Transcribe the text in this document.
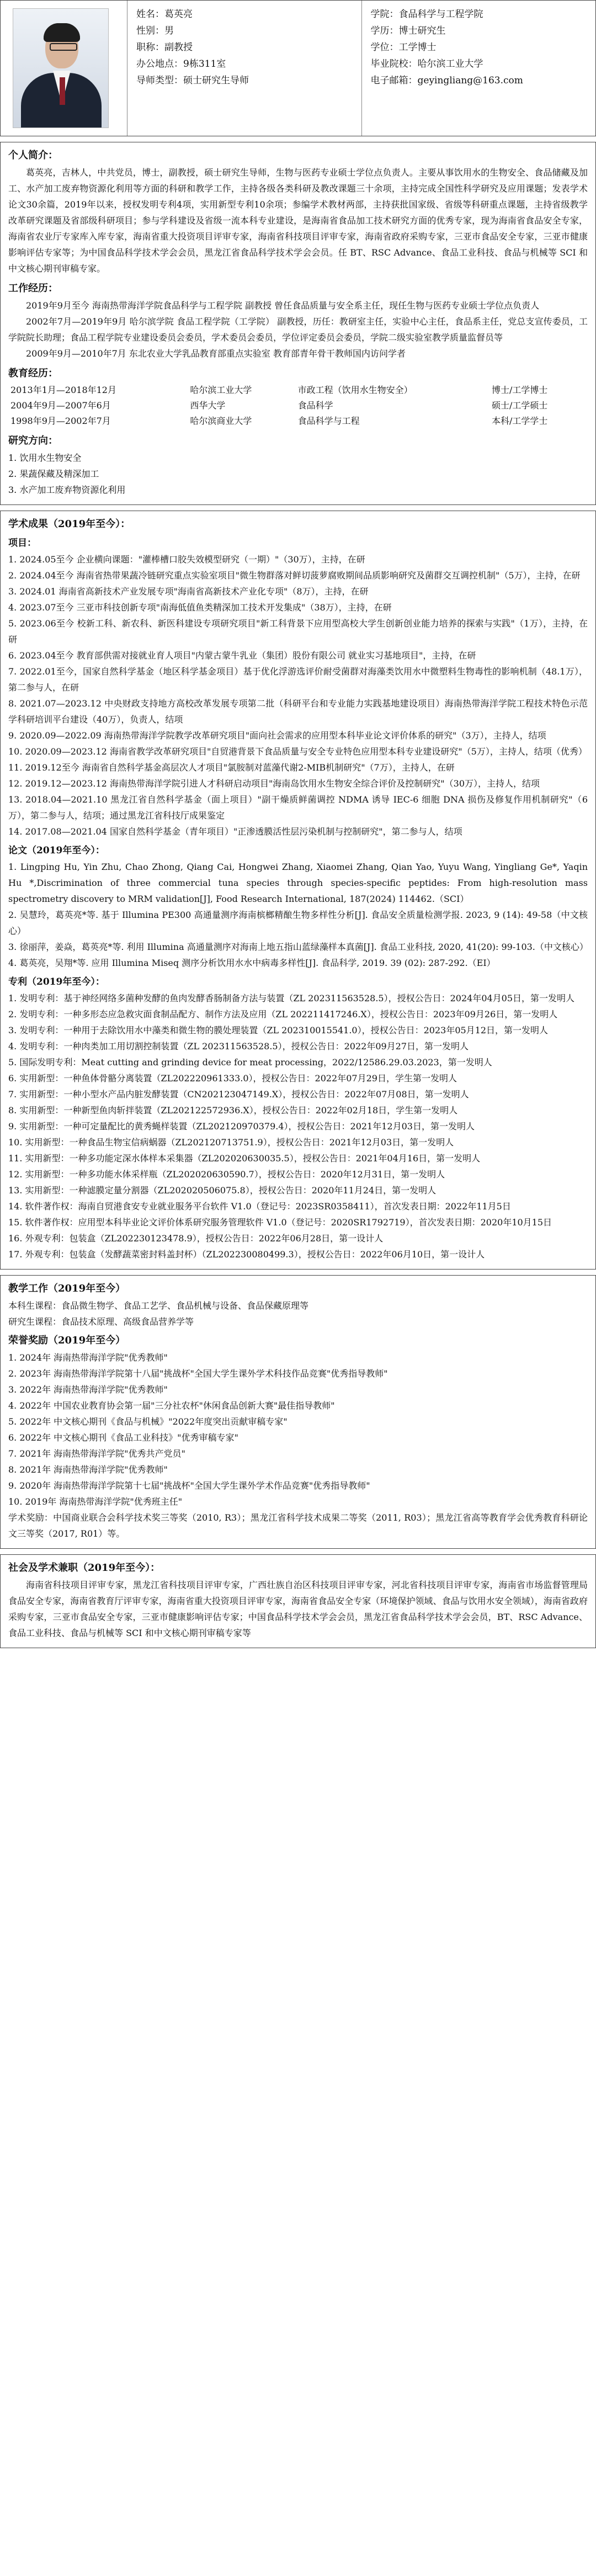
姓名：葛英亮
性别：男
职称：副教授
办公地点：9栋311室
导师类型：硕士研究生导师
学院：食品科学与工程学院
学历：博士研究生
学位：工学博士
毕业院校：哈尔滨工业大学
电子邮箱：geyingliang@163.com
个人简介：
葛英亮，吉林人，中共党员，博士，副教授，硕士研究生导师，生物与医药专业硕士学位点负责人。主要从事饮用水的生物安全、食品储藏及加工、水产加工废弃物资源化利用等方面的科研和教学工作，主持各级各类科研及教改课题三十余项，主持完成全国性科学研究及应用课题；发表学术论文30余篇，2019年以来，授权发明专利4项，实用新型专利10余项；参编学术教材两部，主持获批国家级、省级等科研重点课题，主持省级教学改革研究课题及省部级科研项目；参与学科建设及省级一流本科专业建设，是海南省食品加工技术研究方面的优秀专家，现为海南省食品安全专家，海南省农业厅专家库入库专家，海南省重大投资项目评审专家，海南省科技项目评审专家，海南省政府采购专家，三亚市食品安全专家，三亚市健康影响评估专家等；为中国食品科学技术学会会员，黑龙江省食品科学技术学会会员。任 BT、RSC Advance、食品工业科技、食品与机械等 SCI 和中文核心期刊审稿专家。
工作经历：
2019年9月至今 海南热带海洋学院食品科学与工程学院 副教授 曾任食品质量与安全系主任，现任生物与医药专业硕士学位点负责人
2002年7月—2019年9月 哈尔滨学院 食品工程学院（工学院） 副教授，历任：教研室主任，实验中心主任，食品系主任，党总支宣传委员，工学院院长助理；食品工程学院专业建设委员会委员，学术委员会委员，学位评定委员会委员，学院二级实验室教学质量监督员等
2009年9月—2010年7月 东北农业大学乳品教育部重点实验室 教育部青年骨干教师国内访问学者
教育经历：
2013年1月—2018年12月	哈尔滨工业大学	市政工程（饮用水生物安全）	博士/工学博士
2004年9月—2007年6月	西华大学	食品科学	硕士/工学硕士
1998年9月—2002年7月	哈尔滨商业大学	食品科学与工程	本科/工学学士
研究方向：
1. 饮用水生物安全
2. 果蔬保藏及精深加工
3. 水产加工废弃物资源化利用
学术成果（2019年至今）：
项目：
1. 2024.05至今 企业横向课题："灌棒槽口胶失效模型研究（一期）"（30万），主持，在研
2. 2024.04至今 海南省热带果蔬冷链研究重点实验室项目"微生物群落对鲜切菠萝腐败期间品质影响研究及菌群交互调控机制"（5万），主持，在研
3. 2024.01 海南省高新技术产业发展专项"海南省高新技术产业化专项"（8万），主持，在研
4. 2023.07至今 三亚市科技创新专项"南海低值鱼类精深加工技术开发集成"（38万），主持，在研
5. 2023.06至今 校新工科、新农科、新医科建设专项研究项目"新工科背景下应用型高校大学生创新创业能力培养的探索与实践"（1万），主持，在研
6. 2023.04至今 教育部供需对接就业育人项目"内蒙古蒙牛乳业（集团）股份有限公司 就业实习基地项目"，主持，在研
7. 2022.01至今，国家自然科学基金（地区科学基金项目）基于优化浮游选评价耐受菌群对海藻类饮用水中微塑料生物毒性的影响机制（48.1万），第二参与人，在研
8. 2021.07—2023.12 中央财政支持地方高校改革发展专项第二批（科研平台和专业能力实践基地建设项目）海南热带海洋学院工程技术特色示范学科研培训平台建设（40万），负责人，结项
9. 2020.09—2022.09 海南热带海洋学院教学改革研究项目"面向社会需求的应用型本科毕业论文评价体系的研究"（3万），主持人，结项
10. 2020.09—2023.12 海南省教学改革研究项目"自贸港背景下食品质量与安全专业特色应用型本科专业建设研究"（5万），主持人，结项（优秀）
11. 2019.12至今 海南省自然科学基金高层次人才项目"氯胺制对蓝藻代谢2-MIB机制研究"（7万），主持人，在研
12. 2019.12—2023.12 海南热带海洋学院引进人才科研启动项目"海南岛饮用水生物安全综合评价及控制研究"（30万），主持人，结项
13. 2018.04—2021.10 黑龙江省自然科学基金（面上项目）"副干燥质鲜菌调控 NDMA 诱导 IEC-6 细胞 DNA 损伤及修复作用机制研究"（6万），第二参与人，结项；通过黑龙江省科技厅成果鉴定
14. 2017.08—2021.04 国家自然科学基金（青年项目）"正渗透膜活性层污染机制与控制研究"，第二参与人，结项
论文（2019年至今）：
1. Lingping Hu, Yin Zhu, Chao Zhong, Qiang Cai, Hongwei Zhang, Xiaomei Zhang, Qian Yao, Yuyu Wang, Yingliang Ge*, Yaqin Hu *,Discrimination of three commercial tuna species through species-specific peptides: From high-resolution mass spectrometry discovery to MRM validation[J], Food Research International, 187(2024) 114462.（SCI）
2. 吴慧玲，葛英亮*等. 基于 Illumina PE300 高通量测序海南槟榔精酿生物多样性分析[J]. 食品安全质量检测学报. 2023, 9 (14): 49-58（中文核心）
3. 徐丽萍，姜焱，葛英亮*等. 利用 Illumina 高通量测序对海南上地五指山蓝绿藻样本真菌[J]. 食品工业科技, 2020, 41(20): 99-103.（中文核心）
4. 葛英亮，吴翔*等. 应用 Illumina Miseq 测序分析饮用水水中病毒多样性[J]. 食品科学, 2019. 39 (02): 287-292.（EI）
专利（2019年至今）：
1. 发明专利：基于神经网络多菌种发酵的鱼肉发酵香肠制备方法与装置（ZL 202311563528.5），授权公告日：2024年04月05日，第一发明人
2. 发明专利：一种多形态应急救灾面食制品配方、制作方法及应用（ZL 202211417246.X），授权公告日：2023年09月26日，第一发明人
3. 发明专利：一种用于去除饮用水中藻类和微生物的膜处理装置（ZL 202310015541.0），授权公告日：2023年05月12日，第一发明人
4. 发明专利：一种肉类加工用切割控制装置（ZL 202311563528.5），授权公告日：2022年09月27日，第一发明人
5. 国际发明专利：Meat cutting and grinding device for meat processing，2022/12586.29.03.2023，第一发明人
6. 实用新型：一种鱼体骨骼分离装置（ZL202220961333.0），授权公告日：2022年07月29日，学生第一发明人
7. 实用新型：一种小型水产品内脏发酵装置（CN202123047149.X），授权公告日：2022年07月08日，第一发明人
8. 实用新型：一种新型鱼肉斩拌装置（ZL202122572936.X），授权公告日：2022年02月18日，学生第一发明人
9. 实用新型：一种可定量配比的黄秀蝇样装置（ZL202120970379.4），授权公告日：2021年12月03日，第一发明人
10. 实用新型：一种食品生物宝信病蜗器（ZL202120713751.9），授权公告日：2021年12月03日，第一发明人
11. 实用新型：一种多功能定深水体样本采集器（ZL202020630035.5），授权公告日：2021年04月16日，第一发明人
12. 实用新型：一种多功能水体采样瓶（ZL202020630590.7），授权公告日：2020年12月31日，第一发明人
13. 实用新型：一种滤膜定量分割器（ZL202020506075.8），授权公告日：2020年11月24日，第一发明人
14. 软件著作权：海南自贸港食安专业就业服务平台软件 V1.0（登记号：2023SR0358411），首次发表日期：2022年11月5日
15. 软件著作权：应用型本科毕业论文评价体系研究服务管理软件 V1.0（登记号：2020SR1792719），首次发表日期：2020年10月15日
16. 外观专利：包装盒（ZL202230123478.9），授权公告日：2022年06月28日，第一设计人
17. 外观专利：包装盒（发酵蔬菜密封料盖封杯）（ZL202230080499.3），授权公告日：2022年06月10日，第一设计人
教学工作（2019年至今）
本科生课程：食品微生物学、食品工艺学、食品机械与设备、食品保藏原理等
研究生课程：食品技术原理、高级食品营养学等
荣誉奖励（2019年至今）
1. 2024年 海南热带海洋学院"优秀教师"
2. 2023年 海南热带海洋学院第十八届"挑战杯"全国大学生课外学术科技作品竞赛"优秀指导教师"
3. 2022年 海南热带海洋学院"优秀教师"
4. 2022年 中国农业教育协会第一届"三分社农杯"休闲食品创新大赛"最佳指导教师"
5. 2022年 中文核心期刊《食品与机械》"2022年度突出贡献审稿专家"
6. 2022年 中文核心期刊《食品工业科技》"优秀审稿专家"
7. 2021年 海南热带海洋学院"优秀共产党员"
8. 2021年 海南热带海洋学院"优秀教师"
9. 2020年 海南热带海洋学院第十七届"挑战杯"全国大学生课外学术作品竞赛"优秀指导教师"
10. 2019年 海南热带海洋学院"优秀班主任"
学术奖励：中国商业联合会科学技术奖三等奖（2010, R3）；黑龙江省科学技术成果二等奖（2011, R03）；黑龙江省高等教育学会优秀教育科研论文三等奖（2017, R01）等。
社会及学术兼职（2019年至今）：
海南省科技项目评审专家，黑龙江省科技项目评审专家，广西壮族自治区科技项目评审专家，河北省科技项目评审专家，海南省市场监督管理局食品安全专家，海南省教育厅评审专家，海南省重大投资项目评审专家，海南省食品安全专家（环境保护领域、食品与饮用水安全领域），海南省政府采购专家，三亚市食品安全专家，三亚市健康影响评估专家；中国食品科学技术学会会员，黑龙江省食品科学技术学会会员，BT、RSC Advance、食品工业科技、食品与机械等 SCI 和中文核心期刊审稿专家等
